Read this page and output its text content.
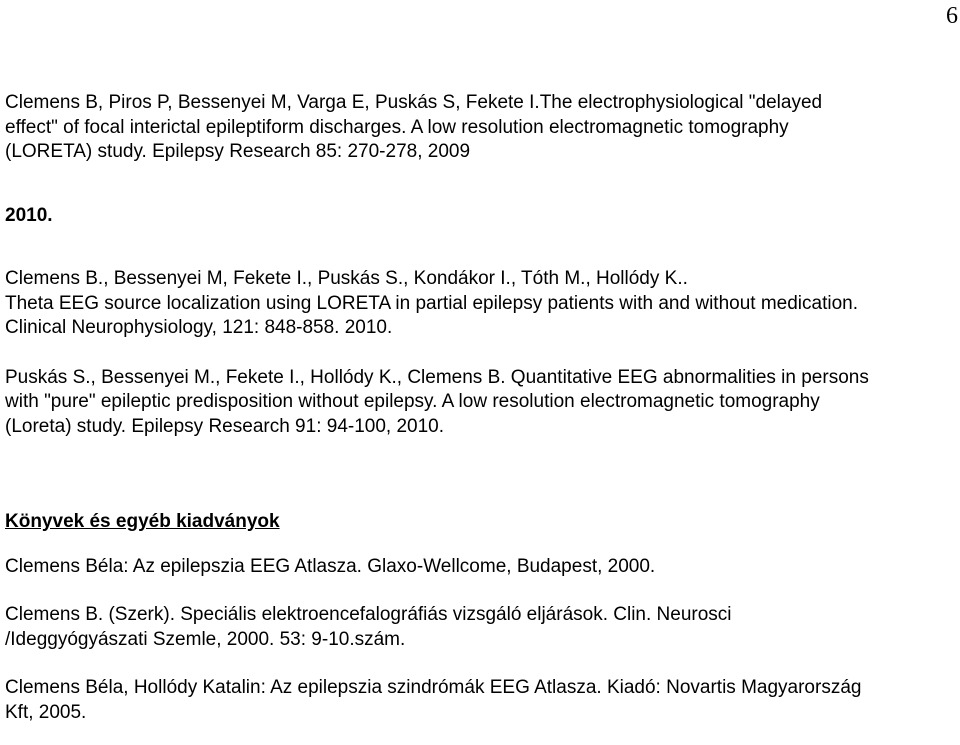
6

Clemens B, Piros P, Bessenyei M, Varga E, Puskás S, Fekete I.The electrophysiological "delayed
effect" of focal interictal epileptiform discharges. A low resolution electromagnetic tomography
(LORETA) study. Epilepsy Research 85: 270-278, 2009

2010.

Clemens B., Bessenyei M, Fekete I., Puskás S., Kondákor I., Tóth M., Hollódy K..
Theta EEG source localization using LORETA in partial epilepsy patients with and without medication.
Clinical Neurophysiology, 121: 848-858. 2010.

Puskás S., Bessenyei M., Fekete I., Hollódy K., Clemens B. Quantitative EEG abnormalities in persons
with "pure" epileptic predisposition without epilepsy. A low resolution electromagnetic tomography
(Loreta) study. Epilepsy Research 91: 94-100, 2010.

Könyvek és egyéb kiadványok

Clemens Béla: Az epilepszia EEG Atlasza. Glaxo-Wellcome, Budapest, 2000.

Clemens B. (Szerk). Speciális elektroencefalográfiás vizsgáló eljárások. Clin. Neurosci
/Ideggyógyászati Szemle, 2000. 53: 9-10.szám.

Clemens Béla, Hollódy Katalin: Az epilepszia szindrómák EEG Atlasza. Kiadó: Novartis Magyarország
Kft, 2005.
